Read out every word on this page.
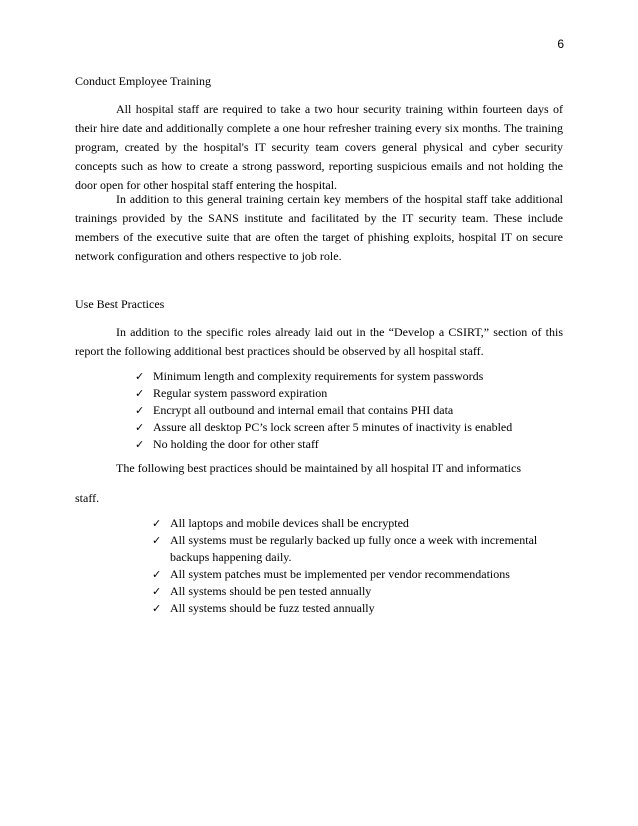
6
Conduct Employee Training

All hospital staff are required to take a two hour security training within fourteen days of their hire date and additionally complete a one hour refresher training every six months. The training program, created by the hospital's IT security team covers general physical and cyber security concepts such as how to create a strong password, reporting suspicious emails and not holding the door open for other hospital staff entering the hospital.

In addition to this general training certain key members of the hospital staff take additional trainings provided by the SANS institute and facilitated by the IT security team. These include members of the executive suite that are often the target of phishing exploits, hospital IT on secure network configuration and others respective to job role.

Use Best Practices

In addition to the specific roles already laid out in the “Develop a CSIRT,” section of this report the following additional best practices should be observed by all hospital staff.

✓ Minimum length and complexity requirements for system passwords
✓ Regular system password expiration
✓ Encrypt all outbound and internal email that contains PHI data
✓ Assure all desktop PC’s lock screen after 5 minutes of inactivity is enabled
✓ No holding the door for other staff
The following best practices should be maintained by all hospital IT and informatics
staff.
✓ All laptops and mobile devices shall be encrypted
✓ All systems must be regularly backed up fully once a week with incremental backups happening daily.
✓ All system patches must be implemented per vendor recommendations
✓ All systems should be pen tested annually
✓ All systems should be fuzz tested annually
